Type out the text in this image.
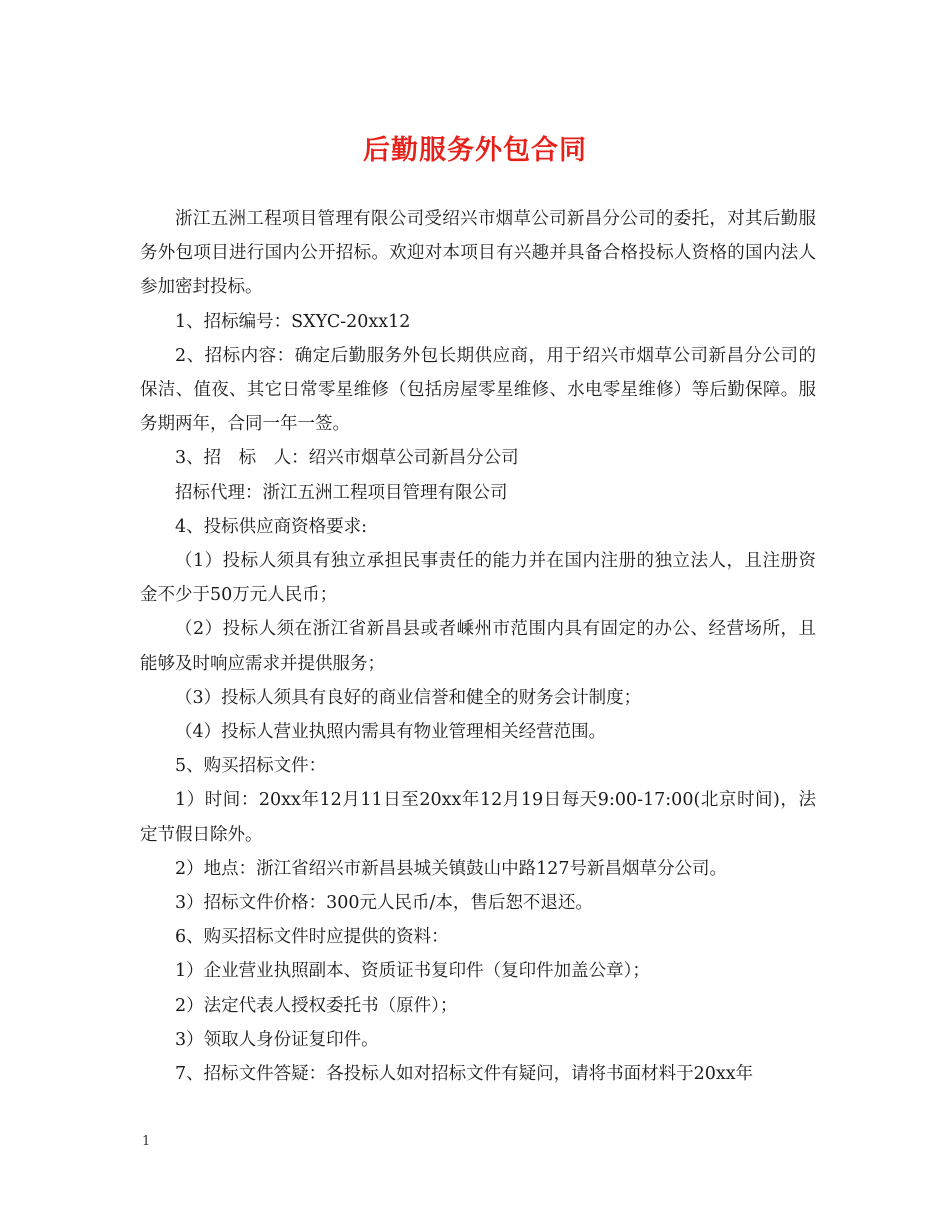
后勤服务外包合同

浙江五洲工程项目管理有限公司受绍兴市烟草公司新昌分公司的委托，对其后勤服务外包项目进行国内公开招标。欢迎对本项目有兴趣并具备合格投标人资格的国内法人参加密封投标。

1、招标编号：SXYC-20xx12

2、招标内容：确定后勤服务外包长期供应商，用于绍兴市烟草公司新昌分公司的保洁、值夜、其它日常零星维修（包括房屋零星维修、水电零星维修）等后勤保障。服务期两年，合同一年一签。

3、招　标　人：绍兴市烟草公司新昌分公司

招标代理：浙江五洲工程项目管理有限公司

4、投标供应商资格要求:

（1）投标人须具有独立承担民事责任的能力并在国内注册的独立法人，且注册资金不少于50万元人民币；

（2）投标人须在浙江省新昌县或者嵊州市范围内具有固定的办公、经营场所，且能够及时响应需求并提供服务；

（3）投标人须具有良好的商业信誉和健全的财务会计制度；

（4）投标人营业执照内需具有物业管理相关经营范围。

5、购买招标文件：

1）时间：20xx年12月11日至20xx年12月19日每天9:00-17:00(北京时间)，法定节假日除外。

2）地点：浙江省绍兴市新昌县城关镇鼓山中路127号新昌烟草分公司。

3）招标文件价格：300元人民币/本，售后恕不退还。

6、购买招标文件时应提供的资料：

1）企业营业执照副本、资质证书复印件（复印件加盖公章）；

2）法定代表人授权委托书（原件）；

3）领取人身份证复印件。

7、招标文件答疑：各投标人如对招标文件有疑问，请将书面材料于20xx年

1
